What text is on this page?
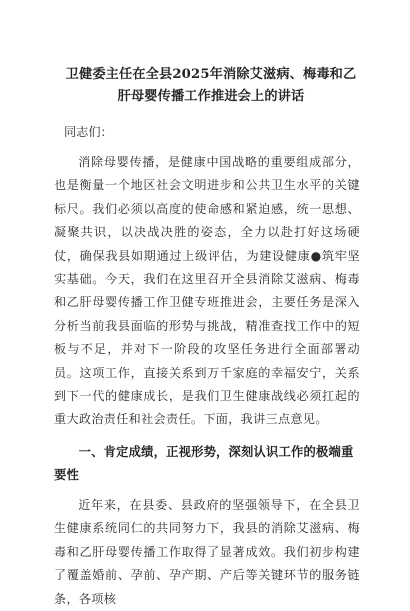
卫健委主任在全县2025年消除艾滋病、梅毒和乙肝母婴传播工作推进会上的讲话

同志们：

消除母婴传播，是健康中国战略的重要组成部分，也是衡量一个地区社会文明进步和公共卫生水平的关键标尺。我们必须以高度的使命感和紧迫感，统一思想、凝聚共识，以决战决胜的姿态，全力以赴打好这场硬仗，确保我县如期通过上级评估，为建设健康●筑牢坚实基础。今天，我们在这里召开全县消除艾滋病、梅毒和乙肝母婴传播工作卫健专班推进会，主要任务是深入分析当前我县面临的形势与挑战，精准查找工作中的短板与不足，并对下一阶段的攻坚任务进行全面部署动员。这项工作，直接关系到万千家庭的幸福安宁，关系到下一代的健康成长，是我们卫生健康战线必须扛起的重大政治责任和社会责任。下面，我讲三点意见。

一、肯定成绩，正视形势，深刻认识工作的极端重要性

近年来，在县委、县政府的坚强领导下，在全县卫生健康系统同仁的共同努力下，我县的消除艾滋病、梅毒和乙肝母婴传播工作取得了显著成效。我们初步构建了覆盖婚前、孕前、孕产期、产后等关键环节的服务链条，各项核
